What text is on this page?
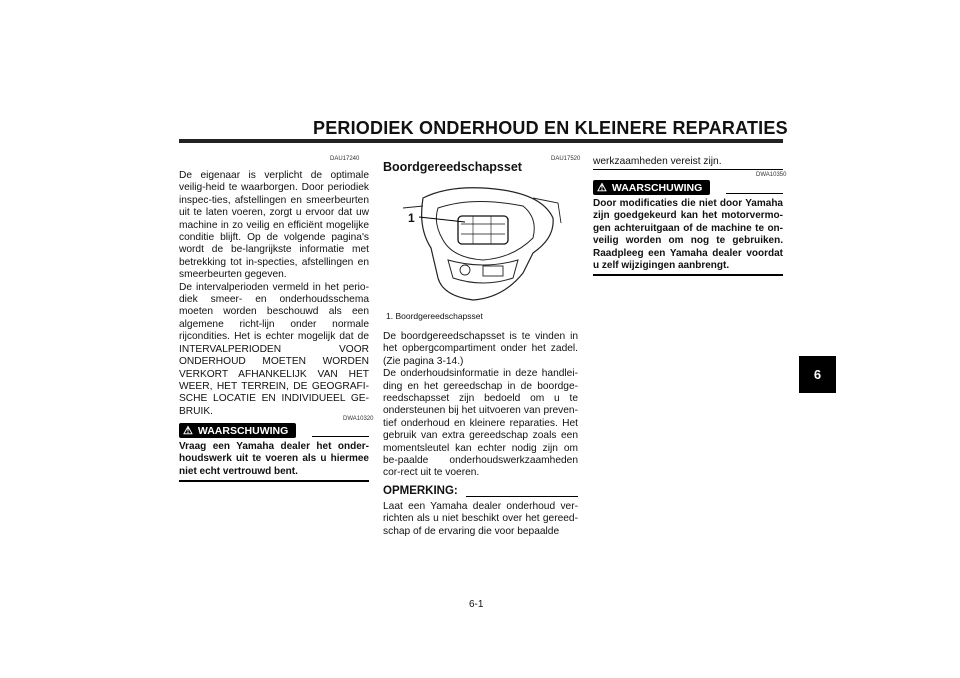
PERIODIEK ONDERHOUD EN KLEINERE REPARATIES
DAU17240

De eigenaar is verplicht de optimale veilig-heid te waarborgen. Door periodiek inspec-ties, afstellingen en smeerbeurten uit te laten voeren, zorgt u ervoor dat uw machine in zo veilig en efficiënt mogelijke conditie blijft. Op de volgende pagina's wordt de be-langrijkste informatie met betrekking tot in-specties, afstellingen en smeerbeurten gegeven.

De intervalperioden vermeld in het perio-diek smeer- en onderhoudsschema moeten worden beschouwd als een algemene richt-lijn onder normale rijcondities. Het is echter mogelijk dat de INTERVALPERIODEN VOOR ONDERHOUD MOETEN WORDEN VERKORT AFHANKELIJK VAN HET WEER, HET TERREIN, DE GEOGRAFI-SCHE LOCATIE EN INDIVIDUEEL GE-BRUIK.

DWA10320
⚠ WAARSCHUWING
Vraag een Yamaha dealer het onder-houdswerk uit te voeren als u hiermee niet echt vertrouwd bent.
DAU17520
Boordgereedschapsset
1
1. Boordgereedschapsset

De boordgereedschapsset is te vinden in het opbergcompartiment onder het zadel. (Zie pagina 3-14.)

De onderhoudsinformatie in deze handlei-ding en het gereedschap in de boordge-reedschapsset zijn bedoeld om u te ondersteunen bij het uitvoeren van preven-tief onderhoud en kleinere reparaties. Het gebruik van extra gereedschap zoals een momentsleutel kan echter nodig zijn om be-paalde onderhoudswerkzaamheden cor-rect uit te voeren.

OPMERKING:
Laat een Yamaha dealer onderhoud ver-richten als u niet beschikt over het gereed-schap of de ervaring die voor bepaalde
werkzaamheden vereist zijn.
DWA10350
⚠ WAARSCHUWING
Door modificaties die niet door Yamaha zijn goedgekeurd kan het motorvermo-gen achteruitgaan of de machine te on-veilig worden om nog te gebruiken. Raadpleeg een Yamaha dealer voordat u zelf wijzigingen aanbrengt.
6
6-1
